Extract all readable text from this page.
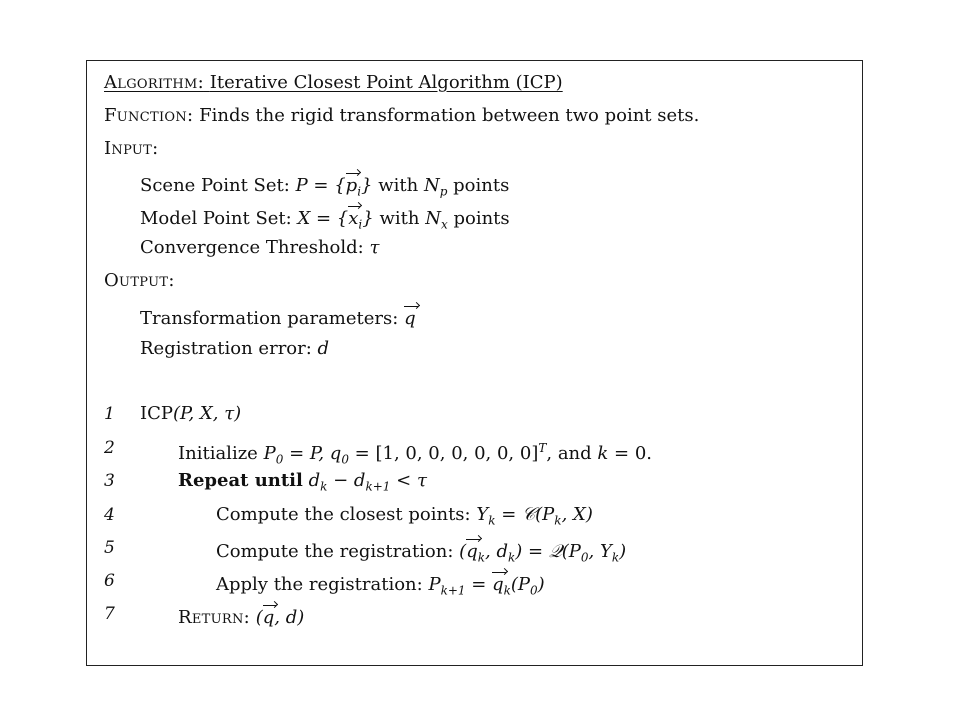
Algorithm: Iterative Closest Point Algorithm (ICP)
Function: Finds the rigid transformation between two point sets.
Input:
Scene Point Set: $P = \{p_i\}$ with $N_p$ points
Model Point Set: $X = \{x_i\}$ with $N_x$ points
Convergence Threshold: τ
Output:
Transformation parameters: q
Registration error: d
1 ICP(P, X, τ)
2	Initialize $P_0 = P$, $q_0 = [1$, 0, 0, 0, 0, 0, 0]$^T$, and k = 0.
3	Repeat until $d_k - d_{k+1} < \tau$
4	Compute the closest points: $Y_k$ = $𝒞(P_k$, X)
5	Compute the registration: ($q_k$, $d_k$) = $𝒬(P_0$, $Y_k$)
6	Apply the registration: $P_{k+1} = q_k(P_0)$
7	Return: (q, d)
